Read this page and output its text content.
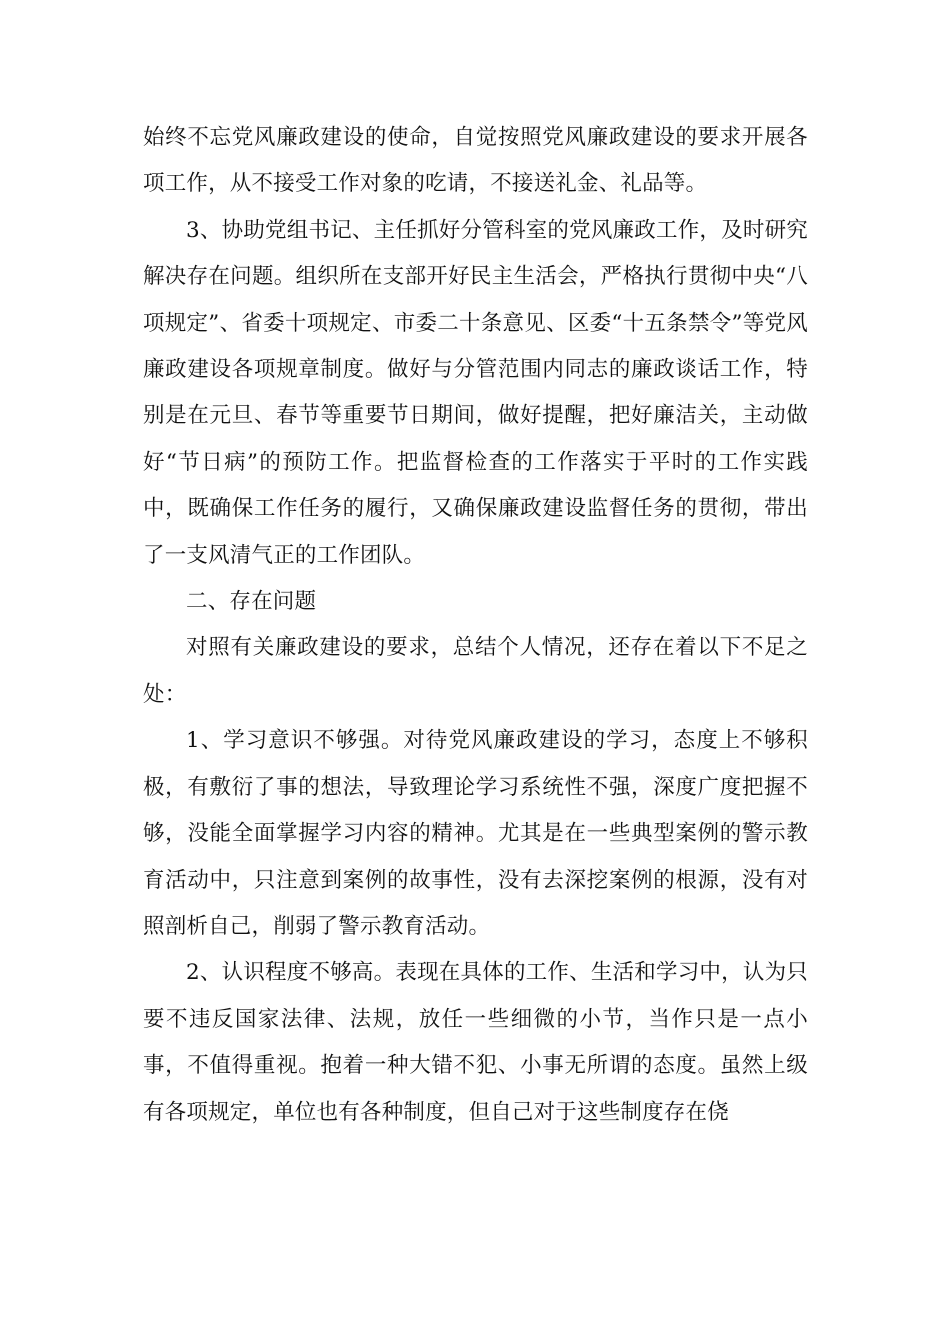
始终不忘党风廉政建设的使命，自觉按照党风廉政建设的要求开展各项工作，从不接受工作对象的吃请，不接送礼金、礼品等。

3、协助党组书记、主任抓好分管科室的党风廉政工作，及时研究解决存在问题。组织所在支部开好民主生活会，严格执行贯彻中央“八项规定”、省委十项规定、市委二十条意见、区委“十五条禁令”等党风廉政建设各项规章制度。做好与分管范围内同志的廉政谈话工作，特别是在元旦、春节等重要节日期间，做好提醒，把好廉洁关，主动做好“节日病”的预防工作。把监督检查的工作落实于平时的工作实践中，既确保工作任务的履行，又确保廉政建设监督任务的贯彻，带出了一支风清气正的工作团队。

二、存在问题

对照有关廉政建设的要求，总结个人情况，还存在着以下不足之处：

1、学习意识不够强。对待党风廉政建设的学习，态度上不够积极，有敷衍了事的想法，导致理论学习系统性不强，深度广度把握不够，没能全面掌握学习内容的精神。尤其是在一些典型案例的警示教育活动中，只注意到案例的故事性，没有去深挖案例的根源，没有对照剖析自己，削弱了警示教育活动。

2、认识程度不够高。表现在具体的工作、生活和学习中，认为只要不违反国家法律、法规，放任一些细微的小节，当作只是一点小事，不值得重视。抱着一种大错不犯、小事无所谓的态度。虽然上级有各项规定，单位也有各种制度，但自己对于这些制度存在侥
